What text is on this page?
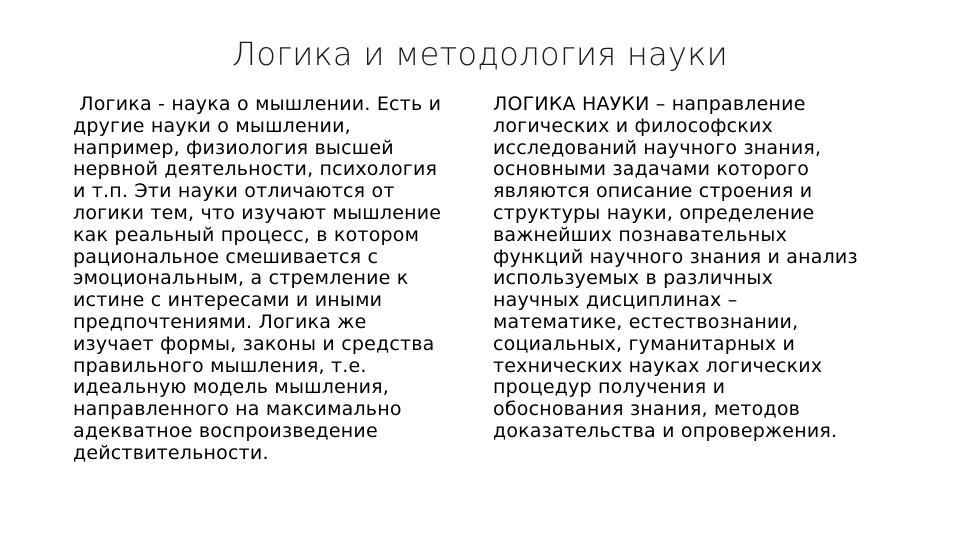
Логика и методология науки
Логика - наука о мышлении. Есть и
другие науки о мышлении,
например, физиология высшей
нервной деятельности, психология
и т.п. Эти науки отличаются от
логики тем, что изучают мышление
как реальный процесс, в котором
рациональное смешивается с
эмоциональным, а стремление к
истине с интересами и иными
предпочтениями. Логика же
изучает формы, законы и средства
правильного мышления, т.е.
идеальную модель мышления,
направленного на максимально
адекватное воспроизведение
действительности.
ЛОГИКА НАУКИ – направление
логических и философских
исследований научного знания,
основными задачами которого
являются описание строения и
структуры науки, определение
важнейших познавательных
функций научного знания и анализ
используемых в различных
научных дисциплинах –
математике, естествознании,
социальных, гуманитарных и
технических науках логических
процедур получения и
обоснования знания, методов
доказательства и опровержения.
